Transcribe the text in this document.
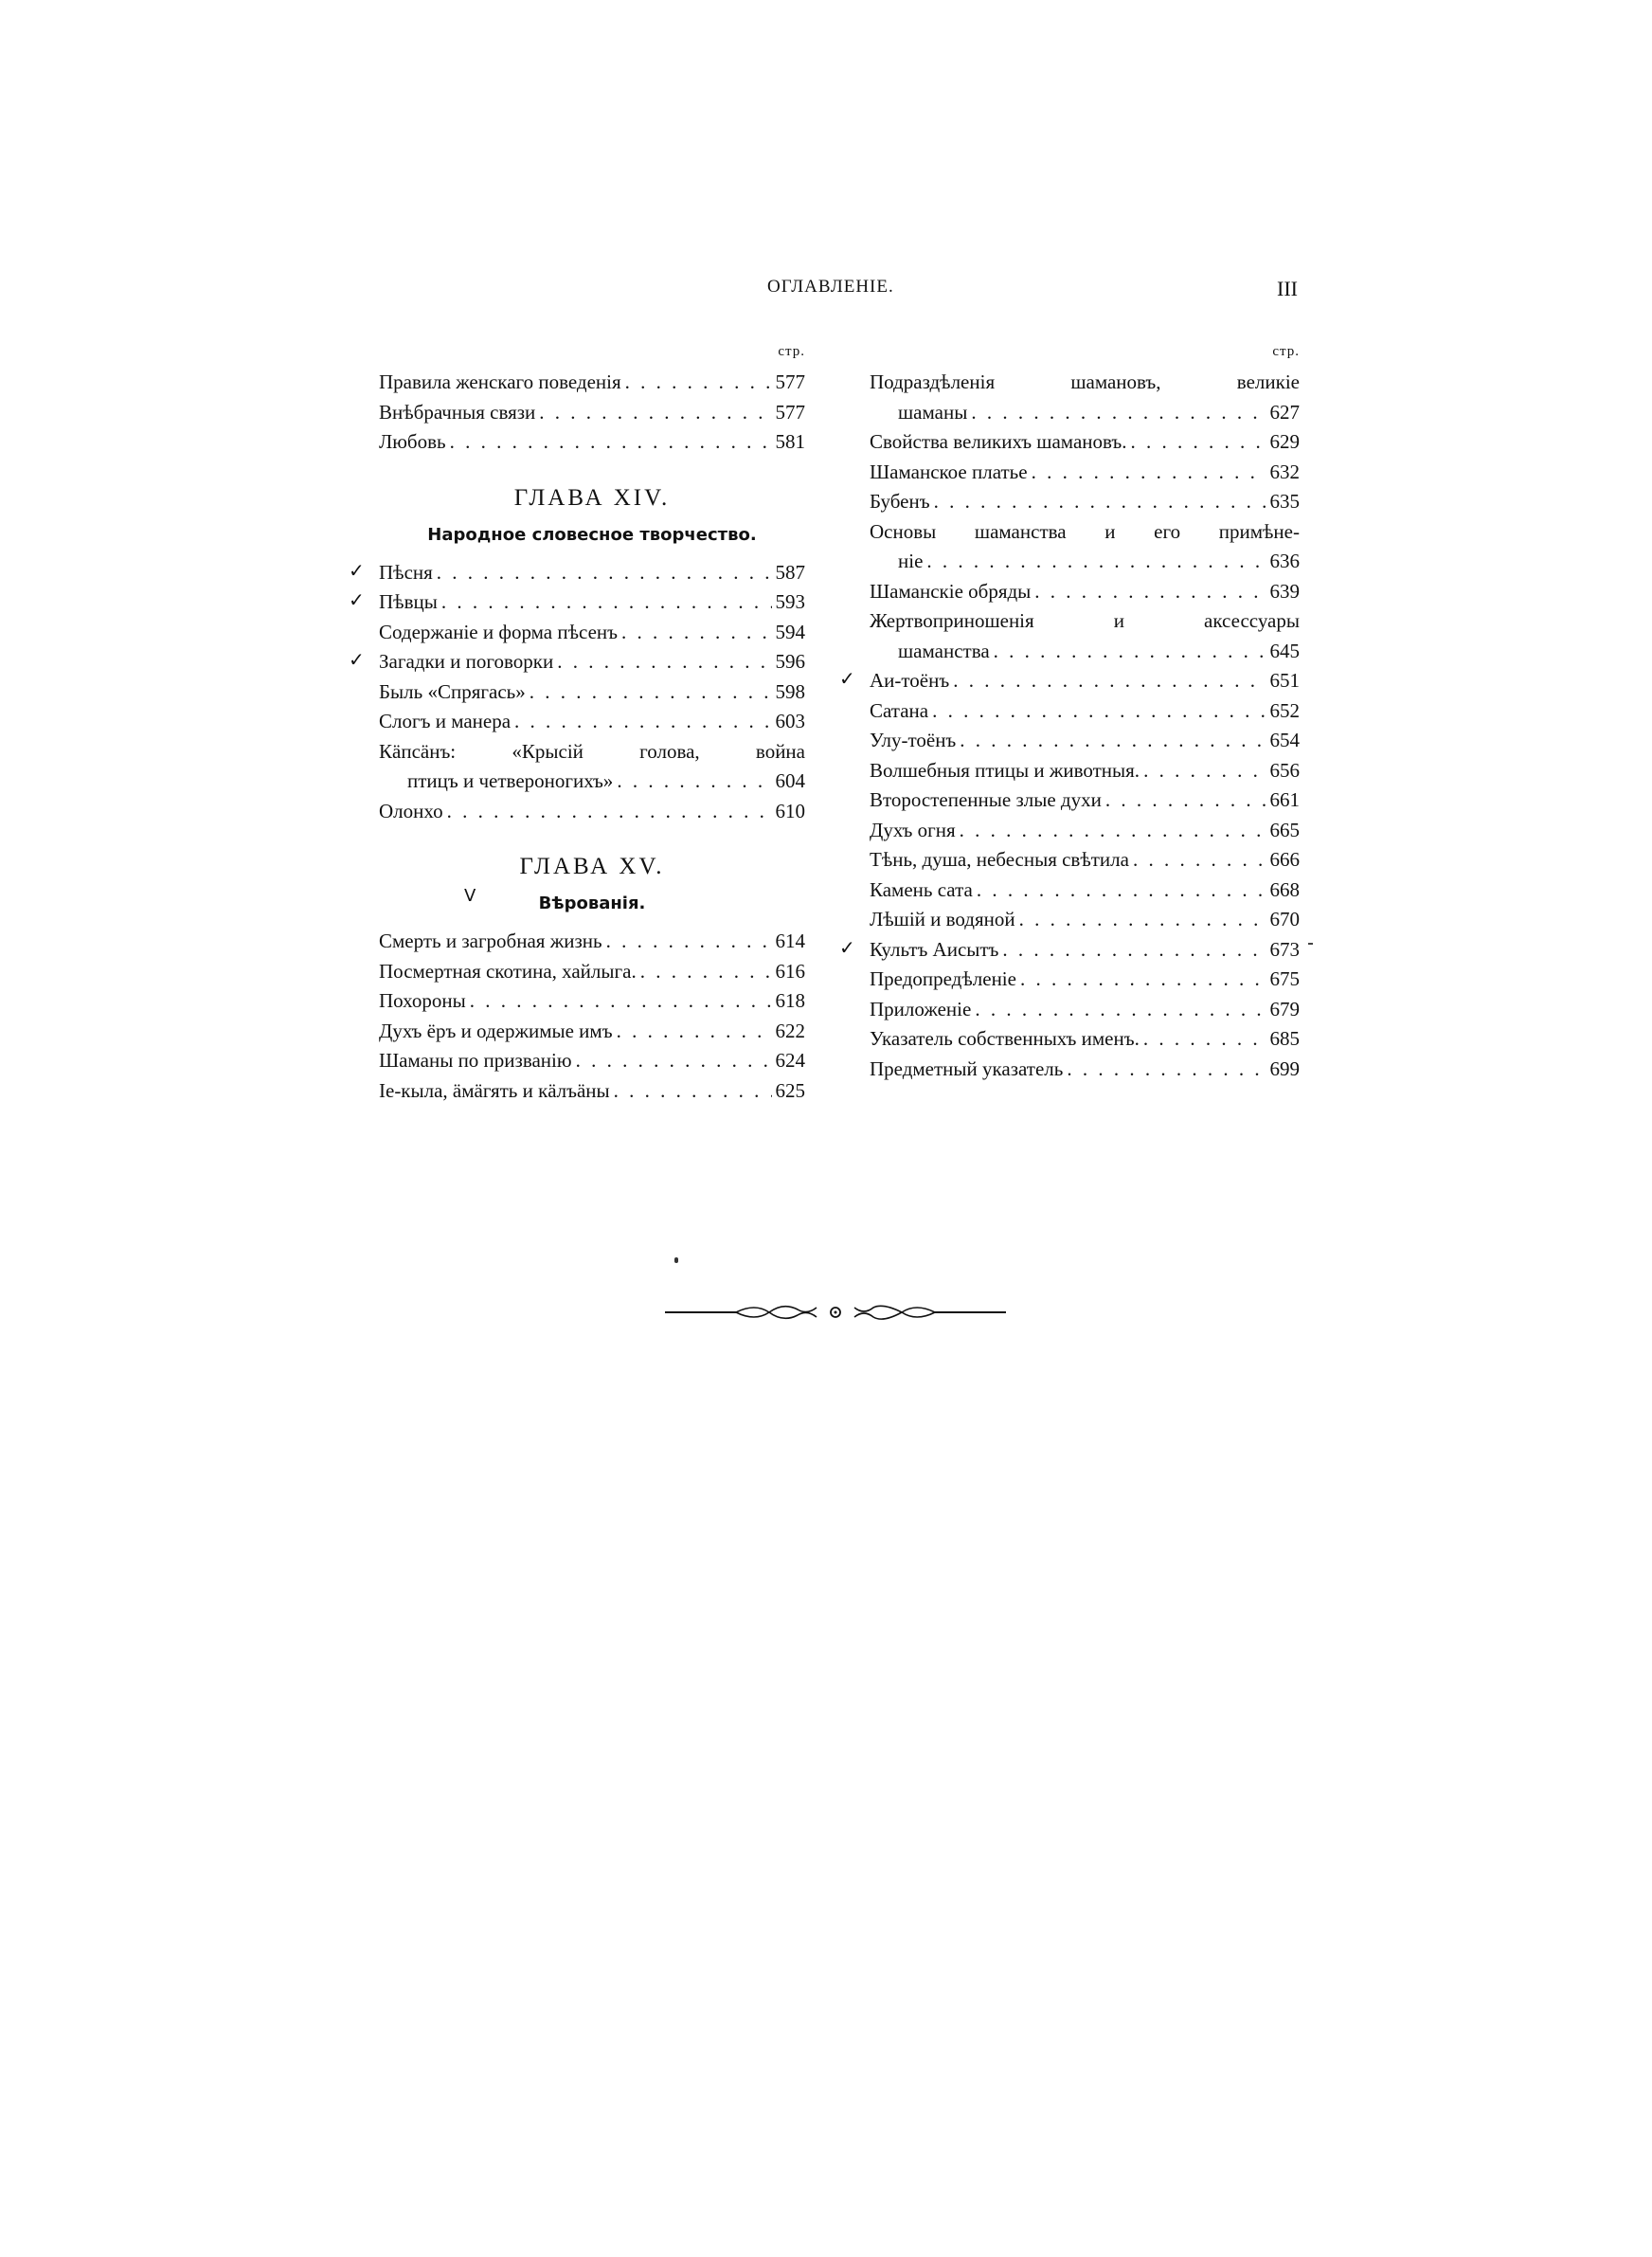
ОГЛАВЛЕНІЕ.	III
стр.
Правила женскаго поведенія . . .	577
Внѣбрачныя связи . . .	577
Любовь . . .	581
ГЛАВА XIV.
Народное словесное творчество.
✓ Пѣсня . . .	587
✓ Пѣвцы . . .	593
Содержаніе и форма пѣсенъ . . .	594
✓ Загадки и поговорки . . .	596
Быль «Спрягась» . . .	598
Слогъ и манера . . .	603
Кäпсäнъ:	«Крысій	голова,	война
птицъ и четвероногихъ» . . .	604
Олонхо . . .	610
ГЛАВА XV.
V	Вѣрованія.
Смерть и загробная жизнь . . .	614
Посмертная скотина, хайлыга. . . .	616
Похороны . . .	618
Духъ ёръ и одержимые имъ . . .	622
Шаманы по призванію . . .	624
Іе-кыла, ӓмӓгять и кӓлъӓны . . .	625
стр.
Подраздѣленія	шамановъ,	великіе
шаманы . . .	627
Свойства великихъ шамановъ. . . .	629
Шаманское платье . . .	632
Бубенъ . . .	635
Основы шаманства и его примѣне-
ніе . . .	636
Шаманскіе обряды . . .	639
Жертвоприношенія	и	аксессуары
шаманства . . .	645
✓ Аи-тоёнъ . . .	651
Сатана . . .	652
Улу-тоёнъ . . .	654
Волшебныя птицы и животныя. . . .	656
Второстепенные злые духи . . .	661
Духъ огня . . .	665
Тѣнь, душа, небесныя свѣтила . . .	666
Камень сата . . .	668
Лѣшій и водяной . . .	670
✓ Культъ Аисытъ . . .	673
Предопредѣленіе . . .	675
Приложеніе . . .	679
Указатель собственныхъ именъ. . . .	685
Предметный указатель . . .	699
